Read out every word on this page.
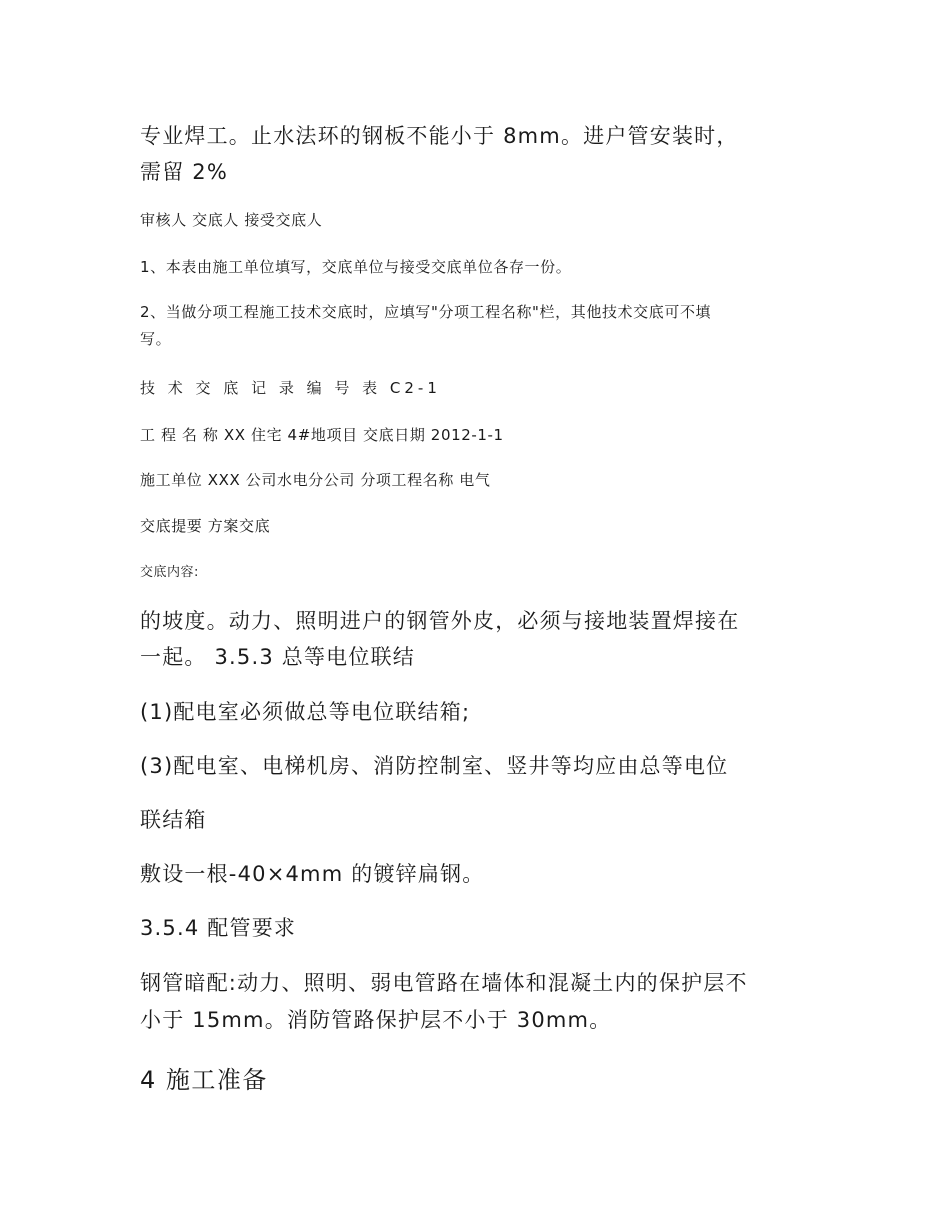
专业焊工。止水法环的钢板不能小于 8mm。进户管安装时，

需留 2%

审核人 交底人 接受交底人

1、本表由施工单位填写，交底单位与接受交底单位各存一份。

2、当做分项工程施工技术交底时，应填写"分项工程名称"栏，其他技术交底可不填

写。

技 术 交 底 记 录 编 号 表 C2-1

工 程 名 称 XX 住宅 4#地项目 交底日期 2012-1-1

施工单位 XXX 公司水电分公司 分项工程名称 电气

交底提要 方案交底

交底内容:

的坡度。动力、照明进户的钢管外皮，必须与接地装置焊接在

一起。 3.5.3 总等电位联结

(1)配电室必须做总等电位联结箱;

(3)配电室、电梯机房、消防控制室、竖井等均应由总等电位

联结箱

敷设一根-40×4mm 的镀锌扁钢。

3.5.4 配管要求

钢管暗配:动力、照明、弱电管路在墙体和混凝土内的保护层不

小于 15mm。消防管路保护层不小于 30mm。

4 施工准备
